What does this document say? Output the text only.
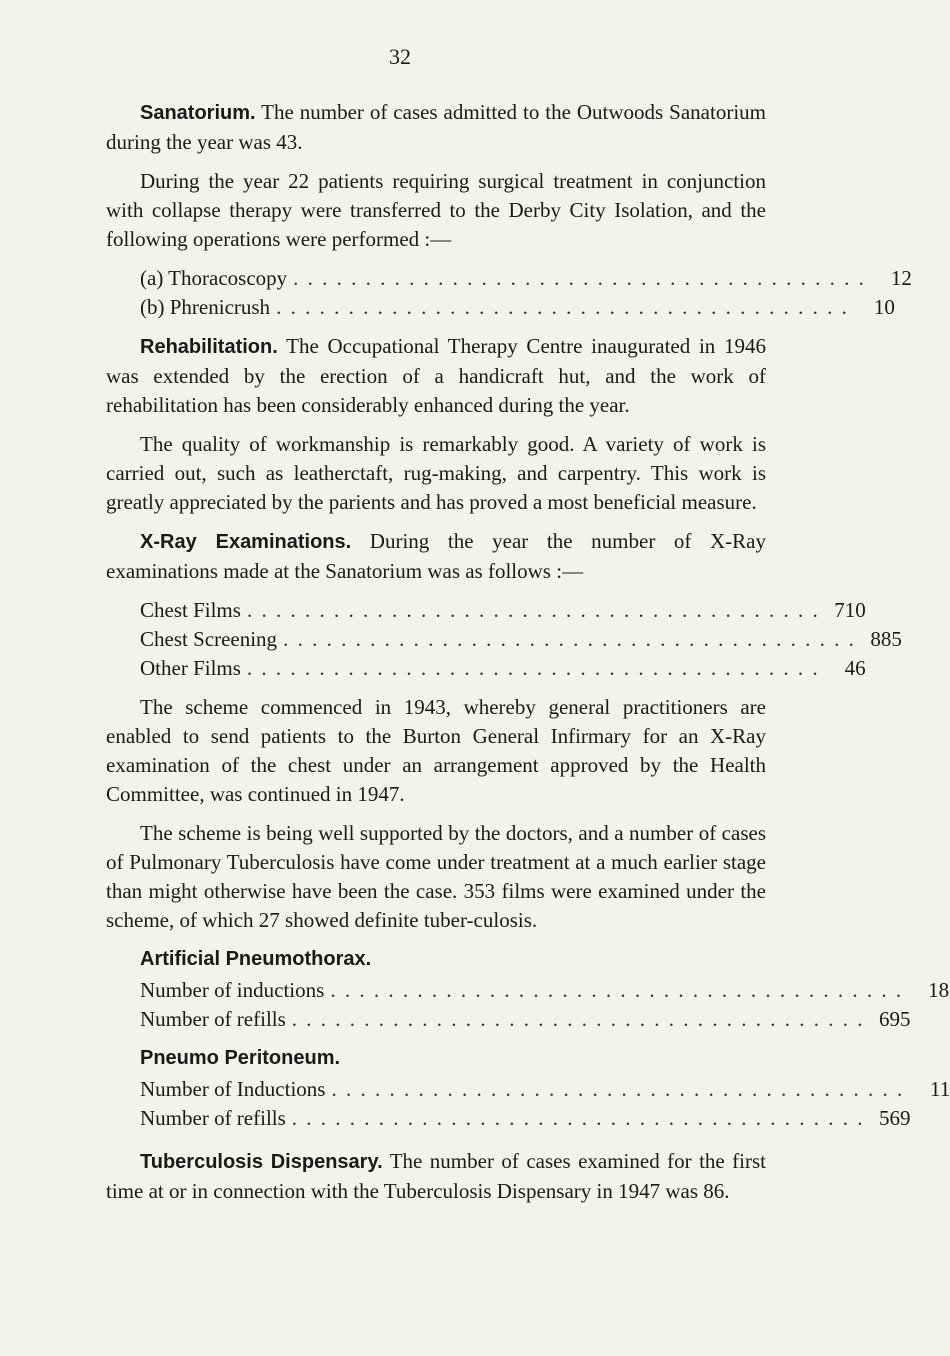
32

Sanatorium. The number of cases admitted to the Outwoods Sanatorium during the year was 43.

During the year 22 patients requiring surgical treatment in conjunction with collapse therapy were transferred to the Derby City Isolation, and the following operations were performed :—

(a) Thoracoscopy . . . . . . . . . . . . . . . . . . . . . . . . . . . . . . . . . . . . . . . .	12
(b) Phrenicrush . . . . . . . . . . . . . . . . . . . . . . . . . . . . . . . . . . . . . . . .	10

Rehabilitation. The Occupational Therapy Centre inaugurated in 1946 was extended by the erection of a handicraft hut, and the work of rehabilitation has been considerably enhanced during the year.

The quality of workmanship is remarkably good. A variety of work is carried out, such as leatherctaft, rug-making, and carpentry. This work is greatly appreciated by the parients and has proved a most beneficial measure.

X-Ray Examinations. During the year the number of X-Ray examinations made at the Sanatorium was as follows :—

Chest Films . . . . . . . . . . . . . . . . . . . . . . . . . . . . . . . . . . . . . . . . 710
Chest Screening . . . . . . . . . . . . . . . . . . . . . . . . . . . . . . . . . . . . . . . . 885
Other Films . . . . . . . . . . . . . . . . . . . . . . . . . . . . . . . . . . . . . . . .	46

The scheme commenced in 1943, whereby general practitioners are enabled to send patients to the Burton General Infirmary for an X-Ray examination of the chest under an arrangement approved by the Health Committee, was continued in 1947.

The scheme is being well supported by the doctors, and a number of cases of Pulmonary Tuberculosis have come under treatment at a much earlier stage than might otherwise have been the case. 353 films were examined under the scheme, of which 27 showed definite tuber-culosis.

Artificial Pneumothorax.
Number of inductions . . . . . . . . . . . . . . . . . . . . . . . . . . . . . . . . . . . . . . . .	18
Number of refills . . . . . . . . . . . . . . . . . . . . . . . . . . . . . . . . . . . . . . . . 695
Pneumo Peritoneum.
Number of Inductions . . . . . . . . . . . . . . . . . . . . . . . . . . . . . . . . . . . . . . . .	11
Number of refills . . . . . . . . . . . . . . . . . . . . . . . . . . . . . . . . . . . . . . . . 569

Tuberculosis Dispensary. The number of cases examined for the first time at or in connection with the Tuberculosis Dispensary in 1947 was 86.
